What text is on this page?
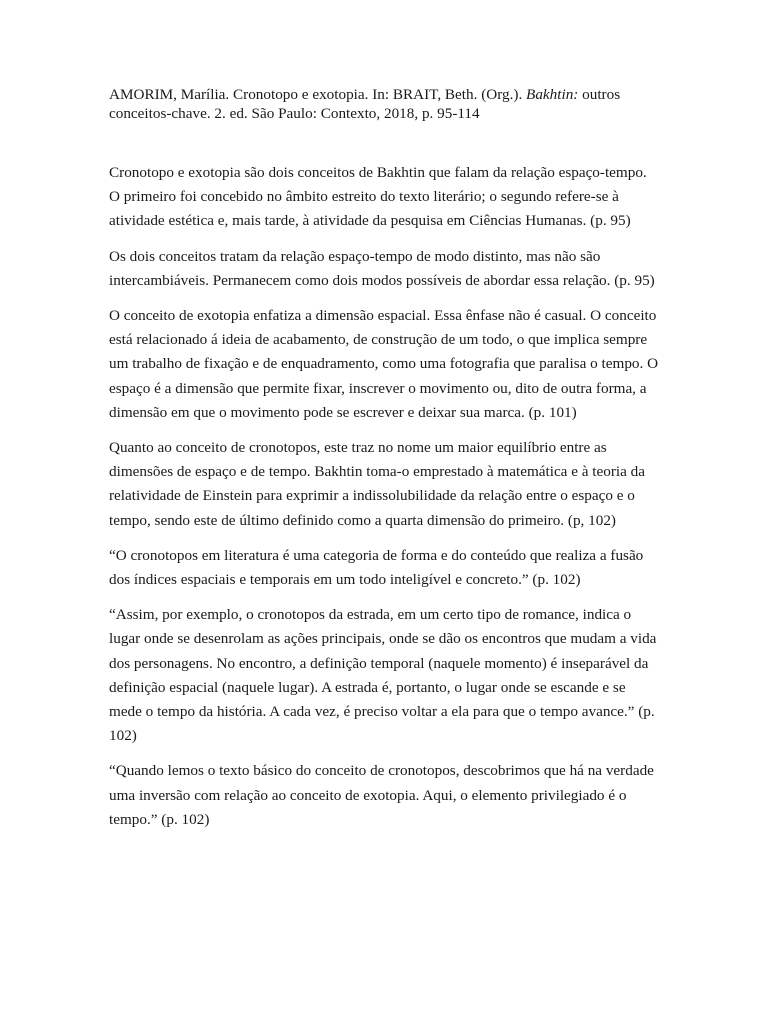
AMORIM, Marília. Cronotopo e exotopia. In: BRAIT, Beth. (Org.). Bakhtin: outros conceitos-chave. 2. ed. São Paulo: Contexto, 2018, p. 95-114

Cronotopo e exotopia são dois conceitos de Bakhtin que falam da relação espaço-tempo. O primeiro foi concebido no âmbito estreito do texto literário; o segundo refere-se à atividade estética e, mais tarde, à atividade da pesquisa em Ciências Humanas. (p. 95)

Os dois conceitos tratam da relação espaço-tempo de modo distinto, mas não são intercambiáveis. Permanecem como dois modos possíveis de abordar essa relação. (p. 95)

O conceito de exotopia enfatiza a dimensão espacial. Essa ênfase não é casual. O conceito está relacionado á ideia de acabamento, de construção de um todo, o que implica sempre um trabalho de fixação e de enquadramento, como uma fotografia que paralisa o tempo. O espaço é a dimensão que permite fixar, inscrever o movimento ou, dito de outra forma, a dimensão em que o movimento pode se escrever e deixar sua marca. (p. 101)

Quanto ao conceito de cronotopos, este traz no nome um maior equilíbrio entre as dimensões de espaço e de tempo. Bakhtin toma-o emprestado à matemática e à teoria da relatividade de Einstein para exprimir a indissolubilidade da relação entre o espaço e o tempo, sendo este de último definido como a quarta dimensão do primeiro. (p, 102)

“O cronotopos em literatura é uma categoria de forma e do conteúdo que realiza a fusão dos índices espaciais e temporais em um todo inteligível e concreto.” (p. 102)

“Assim, por exemplo, o cronotopos da estrada, em um certo tipo de romance, indica o lugar onde se desenrolam as ações principais, onde se dão os encontros que mudam a vida dos personagens. No encontro, a definição temporal (naquele momento) é inseparável da definição espacial (naquele lugar). A estrada é, portanto, o lugar onde se escande e se mede o tempo da história. A cada vez, é preciso voltar a ela para que o tempo avance.” (p. 102)

“Quando lemos o texto básico do conceito de cronotopos, descobrimos que há na verdade uma inversão com relação ao conceito de exotopia. Aqui, o elemento privilegiado é o tempo.” (p. 102)
